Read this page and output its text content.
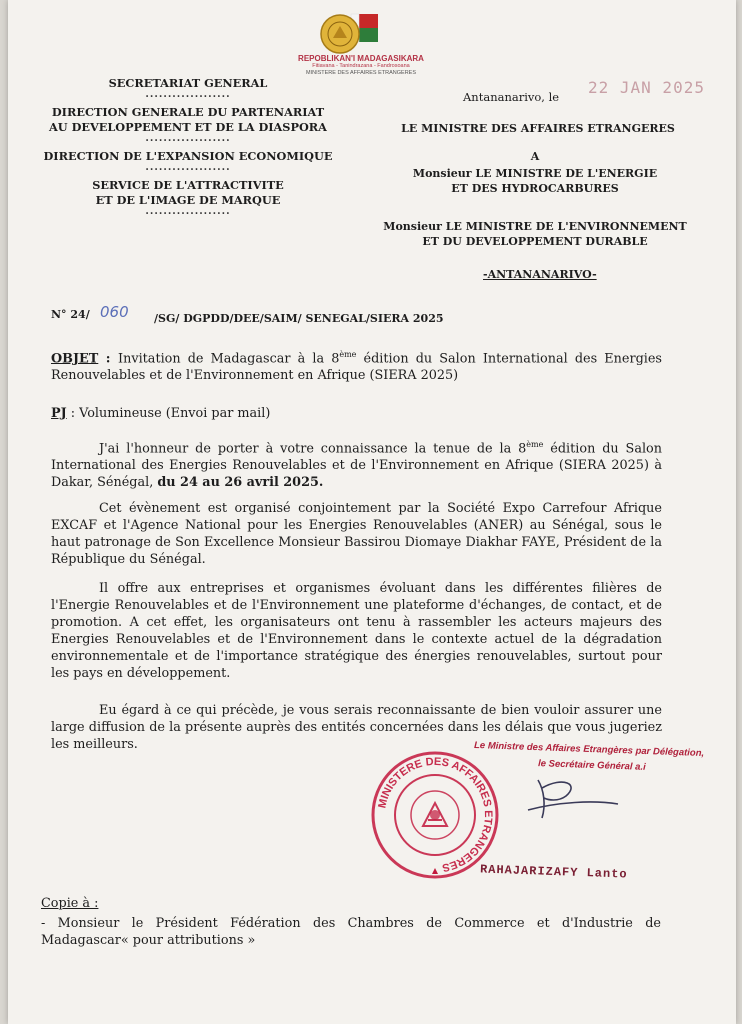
REPOBLIKAN'I MADAGASIKARA
Fitiavana - Tanindrazana - Fandrosoana
MINISTERE DES AFFAIRES ETRANGERES
SECRETARIAT GENERAL
...................
DIRECTION GENERALE DU PARTENARIAT
AU DEVELOPPEMENT ET DE LA DIASPORA
...................
DIRECTION DE L'EXPANSION ECONOMIQUE
...................
SERVICE DE L'ATTRACTIVITE
ET DE L'IMAGE DE MARQUE
...................
Antananarivo, le 22 JAN 2025
LE MINISTRE DES AFFAIRES ETRANGERES
A
Monsieur LE MINISTRE DE L'ENERGIE
ET DES HYDROCARBURES
Monsieur LE MINISTRE DE L'ENVIRONNEMENT
ET DU DEVELOPPEMENT DURABLE
-ANTANANARIVO-
N° 24/ 060 /SG/ DGPDD/DEE/SAIM/ SENEGAL/SIERA 2025
OBJET : Invitation de Madagascar à la 8ème édition du Salon International des Energies Renouvelables et de l'Environnement en Afrique (SIERA 2025)
PJ : Volumineuse (Envoi par mail)

J'ai l'honneur de porter à votre connaissance la tenue de la 8ème édition du Salon International des Energies Renouvelables et de l'Environnement en Afrique (SIERA 2025) à Dakar, Sénégal, du 24 au 26 avril 2025.

Cet évènement est organisé conjointement par la Société Expo Carrefour Afrique EXCAF et l'Agence National pour les Energies Renouvelables (ANER) au Sénégal, sous le haut patronage de Son Excellence Monsieur Bassirou Diomaye Diakhar FAYE, Président de la République du Sénégal.

Il offre aux entreprises et organismes évoluant dans les différentes filières de l'Energie Renouvelables et de l'Environnement une plateforme d'échanges, de contact, et de promotion. A cet effet, les organisateurs ont tenu à rassembler les acteurs majeurs des Energies Renouvelables et de l'Environnement dans le contexte actuel de la dégradation environnementale et de l'importance stratégique des énergies renouvelables, surtout pour les pays en développement.

Eu égard à ce qui précède, je vous serais reconnaissante de bien vouloir assurer une large diffusion de la présente auprès des entités concernées dans les délais que vous jugeriez les meilleurs.	Le Ministre des Affaires Etrangères par Délégation,
le Secrétaire Général a.i
MINISTERE DES AFFAIRES ETRANGERES	RAHAJARIZAFY Lanto
Copie à :
- Monsieur le Président Fédération des Chambres de Commerce et d'Industrie de Madagascar« pour attributions »
